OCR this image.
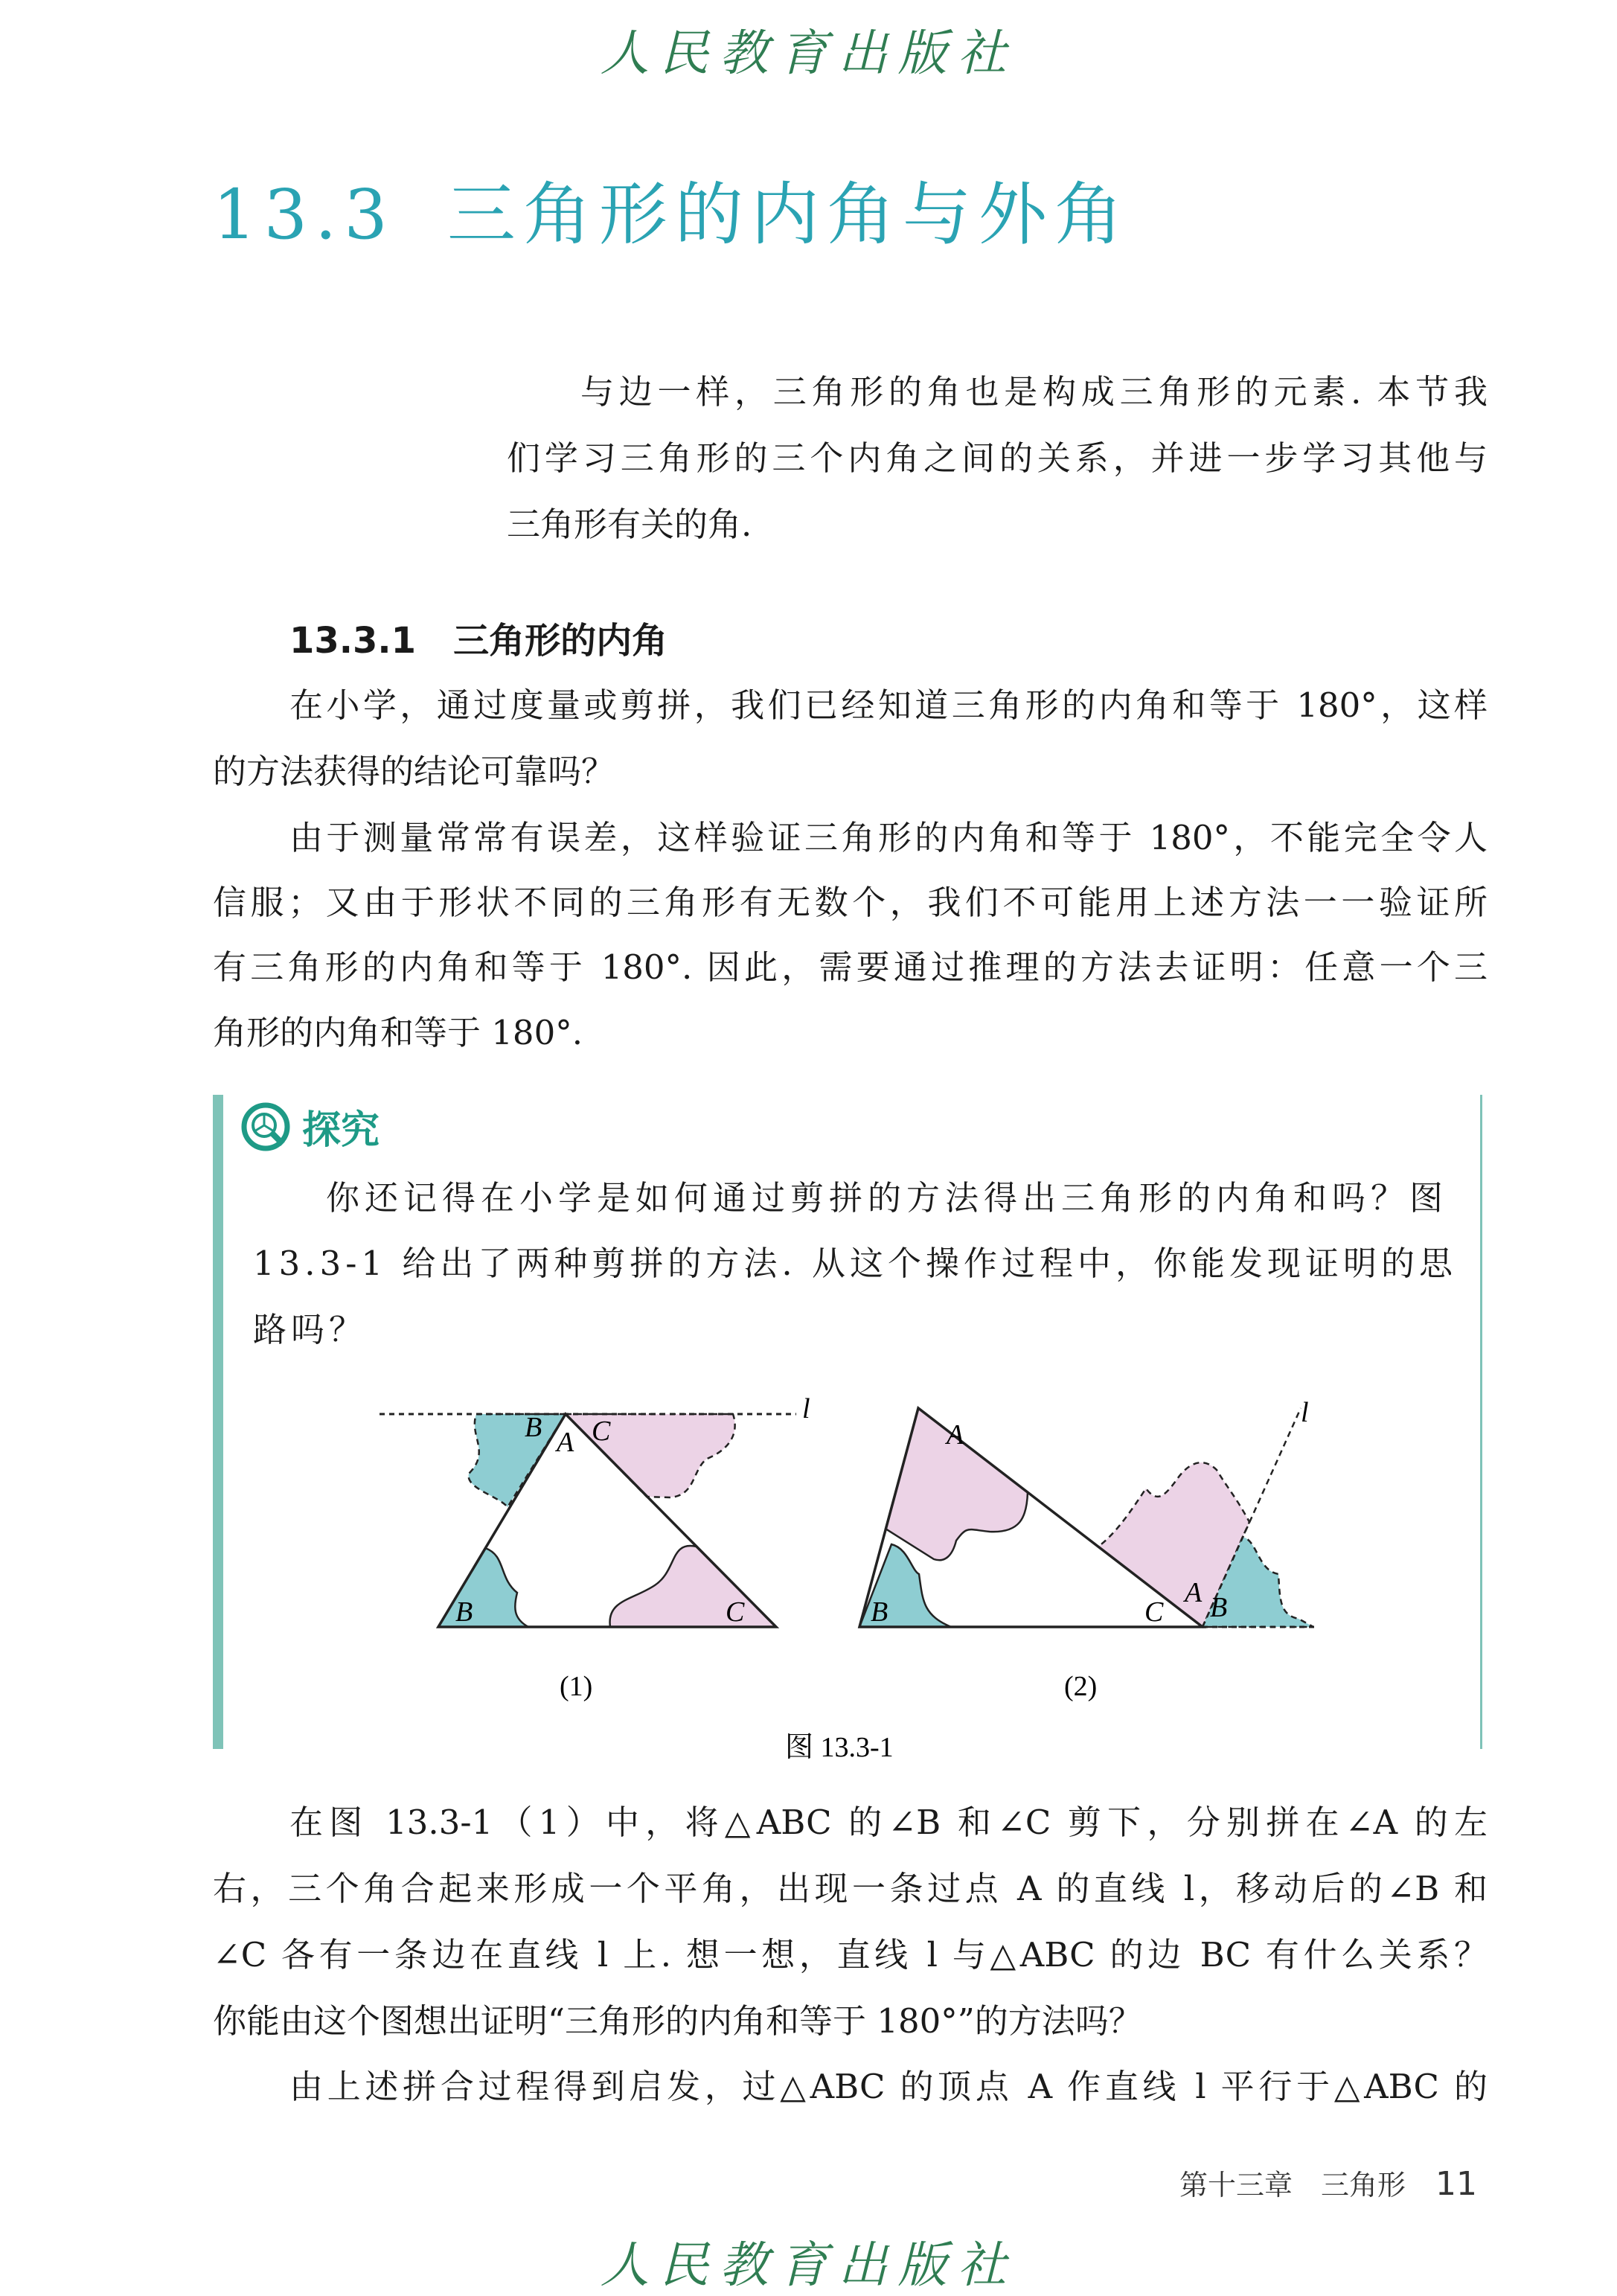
人民教育出版社
13.3 三角形的内角与外角
与边一样，三角形的角也是构成三角形的元素. 本节我
们学习三角形的三个内角之间的关系，并进一步学习其他与
三角形有关的角.
13.3.1 三角形的内角
在小学，通过度量或剪拼，我们已经知道三角形的内角和等于 180°，这样
的方法获得的结论可靠吗？
由于测量常常有误差，这样验证三角形的内角和等于 180°，不能完全令人
信服；又由于形状不同的三角形有无数个，我们不可能用上述方法一一验证所
有三角形的内角和等于 180°. 因此，需要通过推理的方法去证明：任意一个三
角形的内角和等于 180°.
探究
你还记得在小学是如何通过剪拼的方法得出三角形的内角和吗？图
13.3-1 给出了两种剪拼的方法. 从这个操作过程中，你能发现证明的思
路吗？
l
B A C
B	C
(1)
l
A
B	C
A B
(2)
图 13.3-1
在图 13.3-1（1）中，将△ABC 的∠B 和∠C 剪下，分别拼在∠A 的左
右，三个角合起来形成一个平角，出现一条过点 A 的直线 l，移动后的∠B 和
∠C 各有一条边在直线 l 上. 想一想，直线 l 与△ABC 的边 BC 有什么关系？
你能由这个图想出证明“三角形的内角和等于 180°”的方法吗？
由上述拼合过程得到启发，过△ABC 的顶点 A 作直线 l 平行于△ABC 的
第十三章　三角形 11
人民教育出版社
